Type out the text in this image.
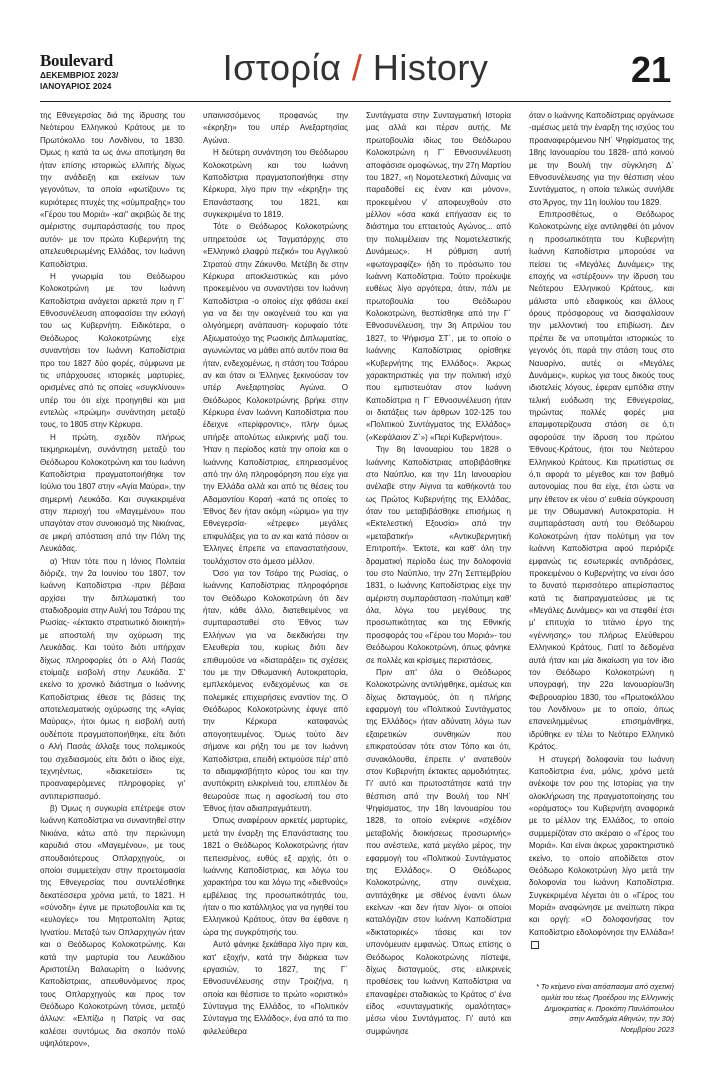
Boulevard
ΔΕΚΕΜΒΡΙΟΣ 2023/
ΙΑΝΟΥΑΡΙΟΣ 2024	Ιστορία / History	21

της Εθνεγερσίας διά της ίδρυσης του Νεότερου Ελληνικού Κράτους με το Πρωτόκολλο του Λονδίνου, το 1830. Όμως η κατά τα ως άνω αποτίμηση θα ήταν επίσης ιστορικώς ελλιπής δίχως την ανάδειξη και εκείνων των γεγονότων, τα οποία «φωτίζουν» τις κυριότερες πτυχές της «σύμπραξης» του «Γέρου του Μοριά» -και" ακριβώς δε της αμέριστης συμπαράστασής του προς αυτόν- με τον πρώτο Κυβερνήτη της απελευθερωμένης Ελλάδας, τον Ιωάννη Καποδίστρια.

Η γνωριμία του Θεόδωρου Κολοκοτρώνη με τον Ιωάννη Καποδίστρια ανάγεται αρκετά πριν η Γ΄ Εθνοσυνέλευση αποφασίσει την εκλογή του ως Κυβερνήτη. Ειδικότερα, ο Θεόδωρος Κολοκοτρώνης είχε συναντήσει τον Ιωάννη Καποδίστρια προ του 1827 δύο φορές, σύμφωνα με τις υπάρχουσες ιστορικές μαρτυρίες, ορισμένες από τις οποίες «συγκλίνουν» υπέρ του ότι είχε προηγηθεί και μια εντελώς «πρώιμη» συνάντηση μεταξύ τους, το 1805 στην Κέρκυρα.

Η πρώτη, σχεδόν πλήρως τεκμηριωμένη, συνάντηση μεταξύ του Θεόδωρου Κολοκοτρώνη και του Ιωάννη Καποδίστρια πραγματοποιήθηκε τον Ιούλιο του 1807 στην «Αγία Μαύρα», την σημερινή Λευκάδα. Και συγκεκριμένα στην περιοχή του «Μαγεμένου» που υπαγόταν στον συνοικισμό της Νικιάνας, σε μικρή απόσταση από την Πόλη της Λευκάδας.

α) Ήταν τότε που η Ιόνιος Πολιτεία διόριζε, την 2α Ιουνίου του 1807, τον Ιωάννη Καποδίστρια -πριν βέβαια αρχίσει την διπλωματική του σταδιοδρομία στην Αυλή του Τσάρου της Ρωσίας- «έκτακτο στρατιωτικό διοικητή» με αποστολή την οχύρωση της Λευκάδας. Και τούτο διότι υπήρχαν δίχως πληροφορίες ότι ο Αλή Πασάς ετοίμαζε εισβολή στην Λευκάδα. Σ' εκείνο το χρονικό διάστημα ο Ιωάννης Καποδίστριας έθεσε τις βάσεις της αποτελεσματικής οχύρωσης της «Αγίας Μαύρας», ήτοι όμως η εισβολή αυτή ουδέποτε πραγματοποιήθηκε, είτε διότι ο Αλή Πασάς άλλαξε τους πολεμικούς του σχεδιασμούς είτε διότι ο ίδιος είχε, τεχνηέντως, «διακετείσει» τις προαναφερόμενες πληροφορίες γι' αντιπερισπασμό.

β) Όμως η συγκυρία επέτρεψε στον Ιωάννη Καποδίστρια να συναντηθεί στην Νικιάνα, κάτω από την περιώνυμη καρυδιά στου «Μαγεμένου», με τους σπουδαιότερους Οπλαρχηγούς, οι οποίοι συμμετείχαν στην προετοιμασία της Εθνεγερσίας που συντελέσθηκε δεκατέσσερα χρόνια μετά, το 1821. Η «σύνοδη» έγινε με πρωτοβουλία και τις «ευλογίες» του Μητροπολίτη Άρτας Ιγνατίου. Μεταξύ των Οπλαρχηγών ήταν και ο Θεόδωρος Κολοκοτρώνης. Και κατά την μαρτυρία του Λευκάδιου Αριστοτέλη Βαλαωρίτη ο Ιωάννης Καποδίστριας, απευθυνόμενος προς τους Οπλαρχηγούς και προς τον Θεόδωρο Κολοκοτρώνη τόνισε, μεταξύ άλλων: «Ελπίζω η Πατρίς να σας καλέσει συντόμως δια σκοπόν πολύ υψηλότερον»,

υπαινισσόμενος προφανώς την «έκρηξη» του υπέρ Ανεξαρτησίας Αγώνα.

Η δεύτερη συνάντηση του Θεόδωρου Κολοκοτρώνη και του Ιωάννη Καποδίστρια πραγματοποιήθηκε στην Κέρκυρα, λίγο πριν την «έκρηξη» της Επανάστασης του 1821, και συγκεκριμένα το 1819.

Τότε ο Θεόδωρος Κολοκοτρώνης υπηρετούσε ως Ταγματάρχης στο «Ελληνικό ελαφρύ πεζικό» του Αγγλικού Στρατού στην Ζάκυνθο. Μετέβη δε στην Κέρκυρα αποκλειστικώς και μόνο προκειμένου να συναντήσει τον Ιωάννη Καποδίστρια -ο οποίος είχε φθάσει εκεί για να δει την οικογένειά του και για ολιγόημερη ανάπαυση- κορυφαίο τότε Αξιωματούχο της Ρωσικής Διπλωματίας, αγωνιώντας να μάθει από αυτόν ποια θα ήταν, ενδεχομένως, η στάση του Τσάρου αν και όταν οι Έλληνες ξεκινούσαν τον υπέρ Ανεξαρτησίας Αγώνα. Ο Θεόδωρος Κολοκοτρώνης βρήκε στην Κέρκυρα έναν Ιωάννη Καποδίστρια που έδειχνε «περίφροντις», πλην όμως υπήρξε απολύτως ειλικρινής μαζί του. Ήταν η περίοδος κατά την οποία και ο Ιωάννης Καποδίστριας, επηρεασμένος από την όλη πληροφόρηση που είχε για την Ελλάδα αλλά και από τις θέσεις του Αδαμαντίου Κοραή -κατά τις οποίες το Έθνος δεν ήταν ακόμη «ώριμο» για την Εθνεγερσία- «έτρεφε» μεγάλες επιφυλάξεις για το αν και κατά πόσον οι Έλληνες έπρεπε να επαναστατήσουν, τουλάχιστον στο άμεσο μέλλον.

Όσο για τον Τσάρο της Ρωσίας, ο Ιωάννης Καποδίστριας πληροφόρησε τον Θεόδωρο Κολοκοτρώνη ότι δεν ήταν, κάθε άλλο, διατεθειμένος να συμπαρασταθεί στο Έθνος των Ελλήνων για να διεκδικήσει την Ελευθερία του, κυρίως διότι δεν επιθυμούσε να «διαταράξει» τις σχέσεις του με την Οθωμανική Αυτοκρατορία, εμπλεκόμενος ενδεχομένως και σε πολεμικές επιχειρήσεις εναντίον της. Ο Θεόδωρος Κολοκοτρώνης έφυγε από την Κέρκυρα καταφανώς απογοητευμένος. Όμως τούτο δεν σήμανε και ρήξη του με τον Ιωάννη Καποδίστρια, επειδή εκτιμούσε πέρ' από το αδιαμφισβήτητο κύρος του και την ανυπόκριτη ειλικρίνειά του, επιπλέον δε θεωρούσε πως η αφοσίωσή του στο Έθνος ήταν αδιαπραγμάτευτη.

Όπως αναφέρουν αρκετές μαρτυρίες, μετά την έναρξη της Επανάστασης του 1821 ο Θεόδωρος Κολοκοτρώνης ήταν πεπεισμένος, ευθύς εξ αρχής, ότι ο Ιωάννης Καποδίστριας, και λόγω του χαρακτήρα του και λόγω της «διεθνούς» εμβέλειας της προσωπικότητάς του, ήταν ο πιο κατάλληλος για να ηγηθεί του Ελληνικού Κράτους, όταν θα έφθανε η ώρα της συγκρότησής του.

Αυτό φάνηκε ξεκάθαρα λίγο πριν και, κατ' εξοχήν, κατά την διάρκεια των εργασιών, το 1827, της Γ΄ Εθνοσυνέλευσης στην Τροιζήνα, η οποία και θέσπισε το πρώτο «οριστικό» Σύνταγμα της Ελλάδος, το «Πολιτικόν Σύνταγμα της Ελλάδος», ένα από τα πιο φιλελεύθερα

Συντάγματα στην Συνταγματική Ιστορία μας αλλά και πέραν αυτής. Με πρωτοβουλία ιδίως του Θεόδωρου Κολοκοτρώνη η Γ΄ Εθνοσυνέλευση αποφάσισε ομοφώνως, την 27η Μαρτίου του 1827, «η Νομοτελεστική Δύναμις να παραδοθεί εις έναν και μόνον», προκειμένου ν' αποφευχθούν στο μέλλον «όσα κακά επήγασαν εις το διάστημα του επταετούς Αγώνος... από την πολυμέλειαν της Νομοτελεστικής Δυνάμεως». Η ρύθμιση αυτή «φωτογραφίζε» ήδη το πρόσωπο του Ιωάννη Καποδίστρια. Τούτο προέκυψε ευθέως λίγο αργότερα, όταν, πάλι με πρωτοβουλία του Θεόδωρου Κολοκοτρώνη, θεσπίσθηκε από την Γ΄ Εθνοσυνέλευση, την 3η Απριλίου του 1827, το Ψήφισμα ΣΤ΄, με το οποίο ο Ιωάννης Καποδίστριας ορίσθηκε «Κυβερνήτης της Ελλάδος». Άκρως χαρακτηριστικές για την πολιτική ισχύ που εμπιστευόταν στον Ιωάννη Καποδίστρια η Γ΄ Εθνοσυνέλευση ήταν οι διατάξεις των άρθρων 102-125 του «Πολιτικού Συντάγματος της Ελλάδος» («Κεφάλαιον Ζ΄») «Περί Κυβερνήτου».

Την 8η Ιανουαρίου του 1828 ο Ιωάννης Καποδίστριας αποβιβάσθηκε στο Ναύπλιο, και την 11η Ιανουαρίου ανέλαβε στην Αίγινα τα καθήκοντά του ως Πρώτος Κυβερνήτης της Ελλάδας, όταν του μεταβιβάσθηκε επισήμως η «Εκτελεστική Εξουσία» από την «μεταβατική» «Αντικυβερνητική Επιτροπή». Έκτοτε, και καθ' όλη την δραματική περίοδο έως την δολοφονία του στο Ναύπλιο, την 27η Σεπτεμβρίου 1831, ο Ιωάννης Καποδίστριας είχε την αμέριστη συμπαράσταση -πολύτιμη καθ' όλα, λόγω του μεγέθους της προσωπικότητας και της Εθνικής προσφοράς του «Γέρου του Μοριά»- του Θεόδωρου Κολοκοτρώνη, όπως φάνηκε σε πολλές και κρίσιμες περιστάσεις.

Πριν απ' όλα ο Θεόδωρος Κολοκοτρώνης αντιλήφθηκε, αμέσως και δίχως δισταγμούς, ότι η πλήρης εφαρμογή του «Πολιτικού Συντάγματος της Ελλάδος» ήταν αδύνατη λόγω των εξαιρετικών συνθηκών που επικρατούσαν τότε στον Τόπο και ότι, συνακόλουθα, έπρεπε ν' ανατεθούν στον Κυβερνήτη έκτακτες αρμοδιότητες. Γι' αυτό και πρωτοστάτησε κατά την θέσπιση από την Βουλή του ΝΗ΄ Ψηφίσματος, την 18η Ιανουαρίου του 1828, το οποίο ενέκρινε «σχέδιον μεταβολής διοικήσεως προσωρινής» που ανέστειλε, κατά μεγάλο μέρος, την εφαρμογή του «Πολιτικού Συντάγματος της Ελλάδος». Ο Θεόδωρος Κολοκοτρώνης, στην συνέχεια, αντιτάχθηκε με σθένος έναντι όλων εκείνων -και δεν ήταν λίγοι- οι οποίοι καταλόγιζαν στον Ιωάννη Καποδίστρια «δικτατορικές» τάσεις και τον υπονόμευαν εμφανώς. Όπως επίσης ο Θεόδωρος Κολοκοτρώνης πίστεψε, δίχως δισταγμούς, στις ειλικρινείς προθέσεις του Ιωάννη Καποδίστρια να επαναφέρει σταδιακώς το Κράτος σ' ένα είδος «συνταγματικής ομαλότητας» μέσω νέου Συντάγματος. Γι' αυτό και συμφώνησε

όταν ο Ιωάννης Καποδίστριας οργάνωσε -αμέσως μετά την έναρξη της ισχύος του προαναφερόμενου ΝΗ΄ Ψηφίσματος της 18ης Ιανουαρίου του 1828- από κοινού με την Βουλή την σύγκληση Δ΄ Εθνοσυνέλευσης για την θέσπιση νέου Συντάγματος, η οποία τελικώς συνήλθε στο Άργος, την 11η Ιουλίου του 1829.

Επιπροσθέτως, ο Θεόδωρος Κολοκοτρώνης είχε αντιληφθεί ότι μόνον η προσωπικότητα του Κυβερνήτη Ιωάννη Καποδίστρια μπορούσε να πείσει τις «Μεγάλες Δυνάμεις» της εποχής να «στέρξουν» την ίδρυση του Νεότερου Ελληνικού Κράτους, και μάλιστα υπό εδαφικούς και άλλους όρους πρόσφορους να διασφαλίσουν την μελλοντική του επιβίωση. Δεν πρέπει δε να υποτιμάται ιστορικώς το γεγονός ότι, παρά την στάση τους στο Ναυαρίνο, αυτές οι «Μεγάλες Δυνάμεις», κυρίως για τους δικούς τους ιδιοτελείς λόγους, έφεραν εμπόδια στην τελική ευόδωση της Εθνεγερσίας, τηρώντας πολλές φορές μια επαμφοτερίζουσα στάση σε ό,τι αφορούσε την ίδρυση του πρώτου Έθνους-Κράτους, ήτοι του Νεότερου Ελληνικού Κράτους. Και πρωτίστως σε ό,τι αφορά το μέγεθος και τον βαθμό αυτονομίας που θα είχε, έτσι ώστε να μην έθετον εκ νέου σ' ευθεία σύγκρουση με την Οθωμανική Αυτοκρατορία. Η συμπαράσταση αυτή του Θεόδωρου Κολοκοτρώνη ήταν πολύτιμη για τον Ιωάννη Καποδίστρια αφού περιόριζε εμφανώς τις εσωτερικές αντιδράσεις, προκειμένου ο Κυβερνήτης να είναι όσο το δυνατό περισσότερο απερίσπαστος κατά τις διαπραγματεύσεις με τις «Μεγάλες Δυνάμεις» και να στεφθεί έτσι μ' επιτυχία το τιτάνιο έργο της «γέννησης» του πλήρως Ελεύθερου Ελληνικού Κράτους. Γιατί το δεδομένα αυτά ήταν και μία δικαίωση για τον ίδιο τον Θεόδωρο Κολοκοτρώνη η υπογραφή, την 22α Ιανουαρίου/3η Φεβρουαρίου 1830, του «Πρωτοκόλλου του Λονδίνου» με το οποίο, όπως επανειλημμένως επισημάνθηκε, ιδρύθηκε εν τέλει το Νεότερο Ελληνικό Κράτος.

Η στυγερή δολοφονία του Ιωάννη Καποδίστρια ένα, μόλις, χρόνο μετά ανέκοψε τον ρου της Ιστορίας για την ολοκλήρωση της πραγματοποίησης του «οράματος» του Κυβερνήτη αναφορικά με το μέλλον της Ελλάδος, το οποίο συμμερίζόταν στο ακέραιο ο «Γέρος του Μοριά». Και είναι άκρως χαρακτηριστικό εκείνο, το οποίο αποδίδεται στον Θεόδωρο Κολοκοτρώνη λίγο μετά την δολοφονία του Ιωάννη Καποδίστρια. Συγκεκριμένα λέγεται ότι ο «Γέρος του Μοριά» αναφώνησε με ανείπωτη πίκρα και οργή: «Ο δολοφονήσας τον Καποδίστριο εδολοφόνησε την Ελλάδα»!

* Το κείμενο είναι απόσπασμα από σχετική ομιλία του τέως Προέδρου της Ελληνικής Δημοκρατίας κ. Προκόπη Παυλόπουλου στην Ακαδημία Αθηνών, την 30ή Νοεμβρίου 2023
